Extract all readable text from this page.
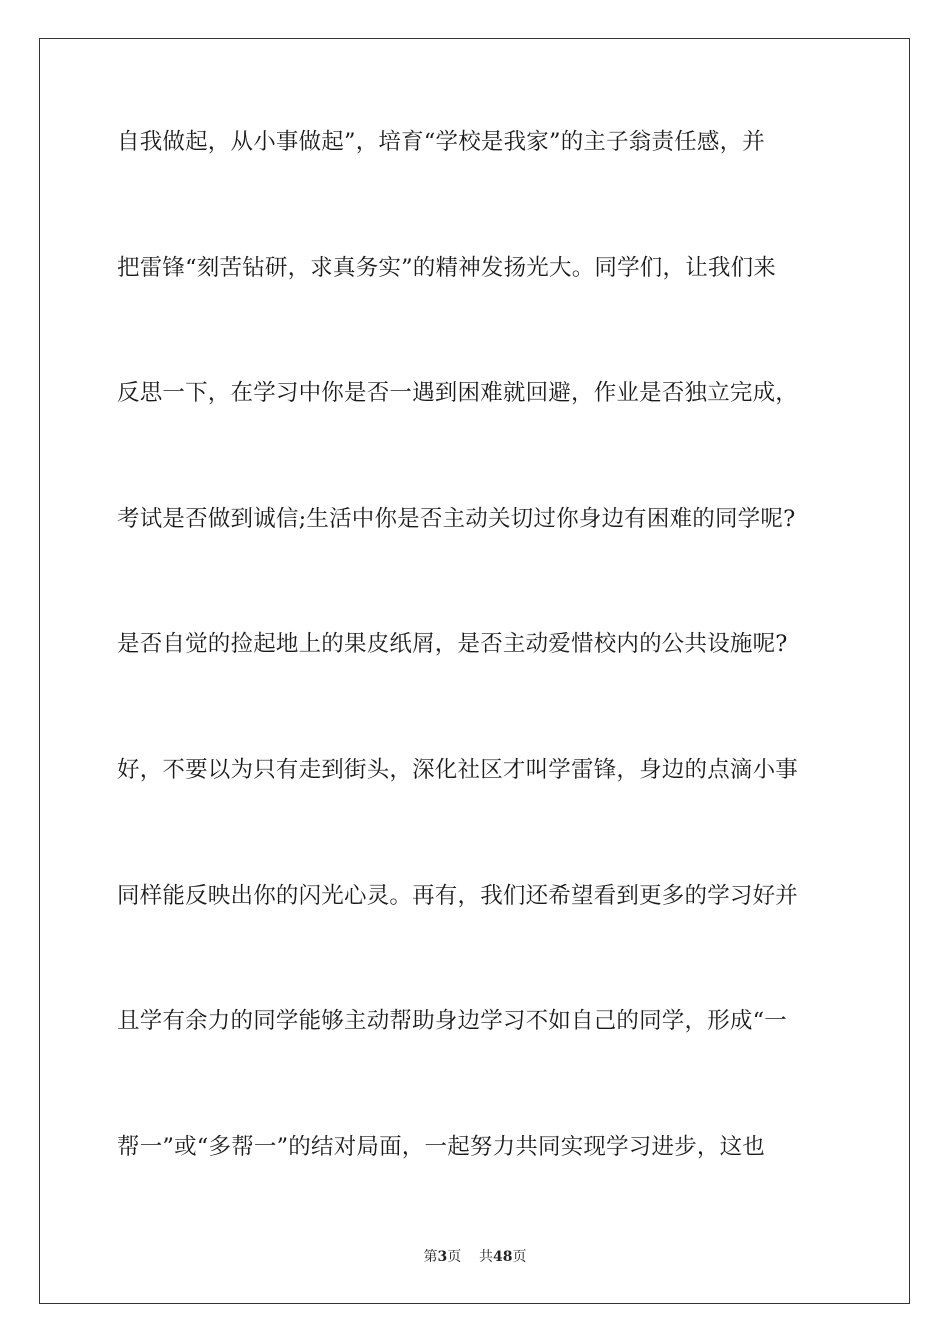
自我做起，从小事做起”，培育“学校是我家”的主子翁责任感，并
把雷锋“刻苦钻研，求真务实”的精神发扬光大。同学们，让我们来
反思一下，在学习中你是否一遇到困难就回避，作业是否独立完成，
考试是否做到诚信;生活中你是否主动关切过你身边有困难的同学呢?
是否自觉的捡起地上的果皮纸屑，是否主动爱惜校内的公共设施呢?
好，不要以为只有走到街头，深化社区才叫学雷锋，身边的点滴小事
同样能反映出你的闪光心灵。再有，我们还希望看到更多的学习好并
且学有余力的同学能够主动帮助身边学习不如自己的同学，形成“一
帮一”或“多帮一”的结对局面，一起努力共同实现学习进步，这也
第3页 共48页
